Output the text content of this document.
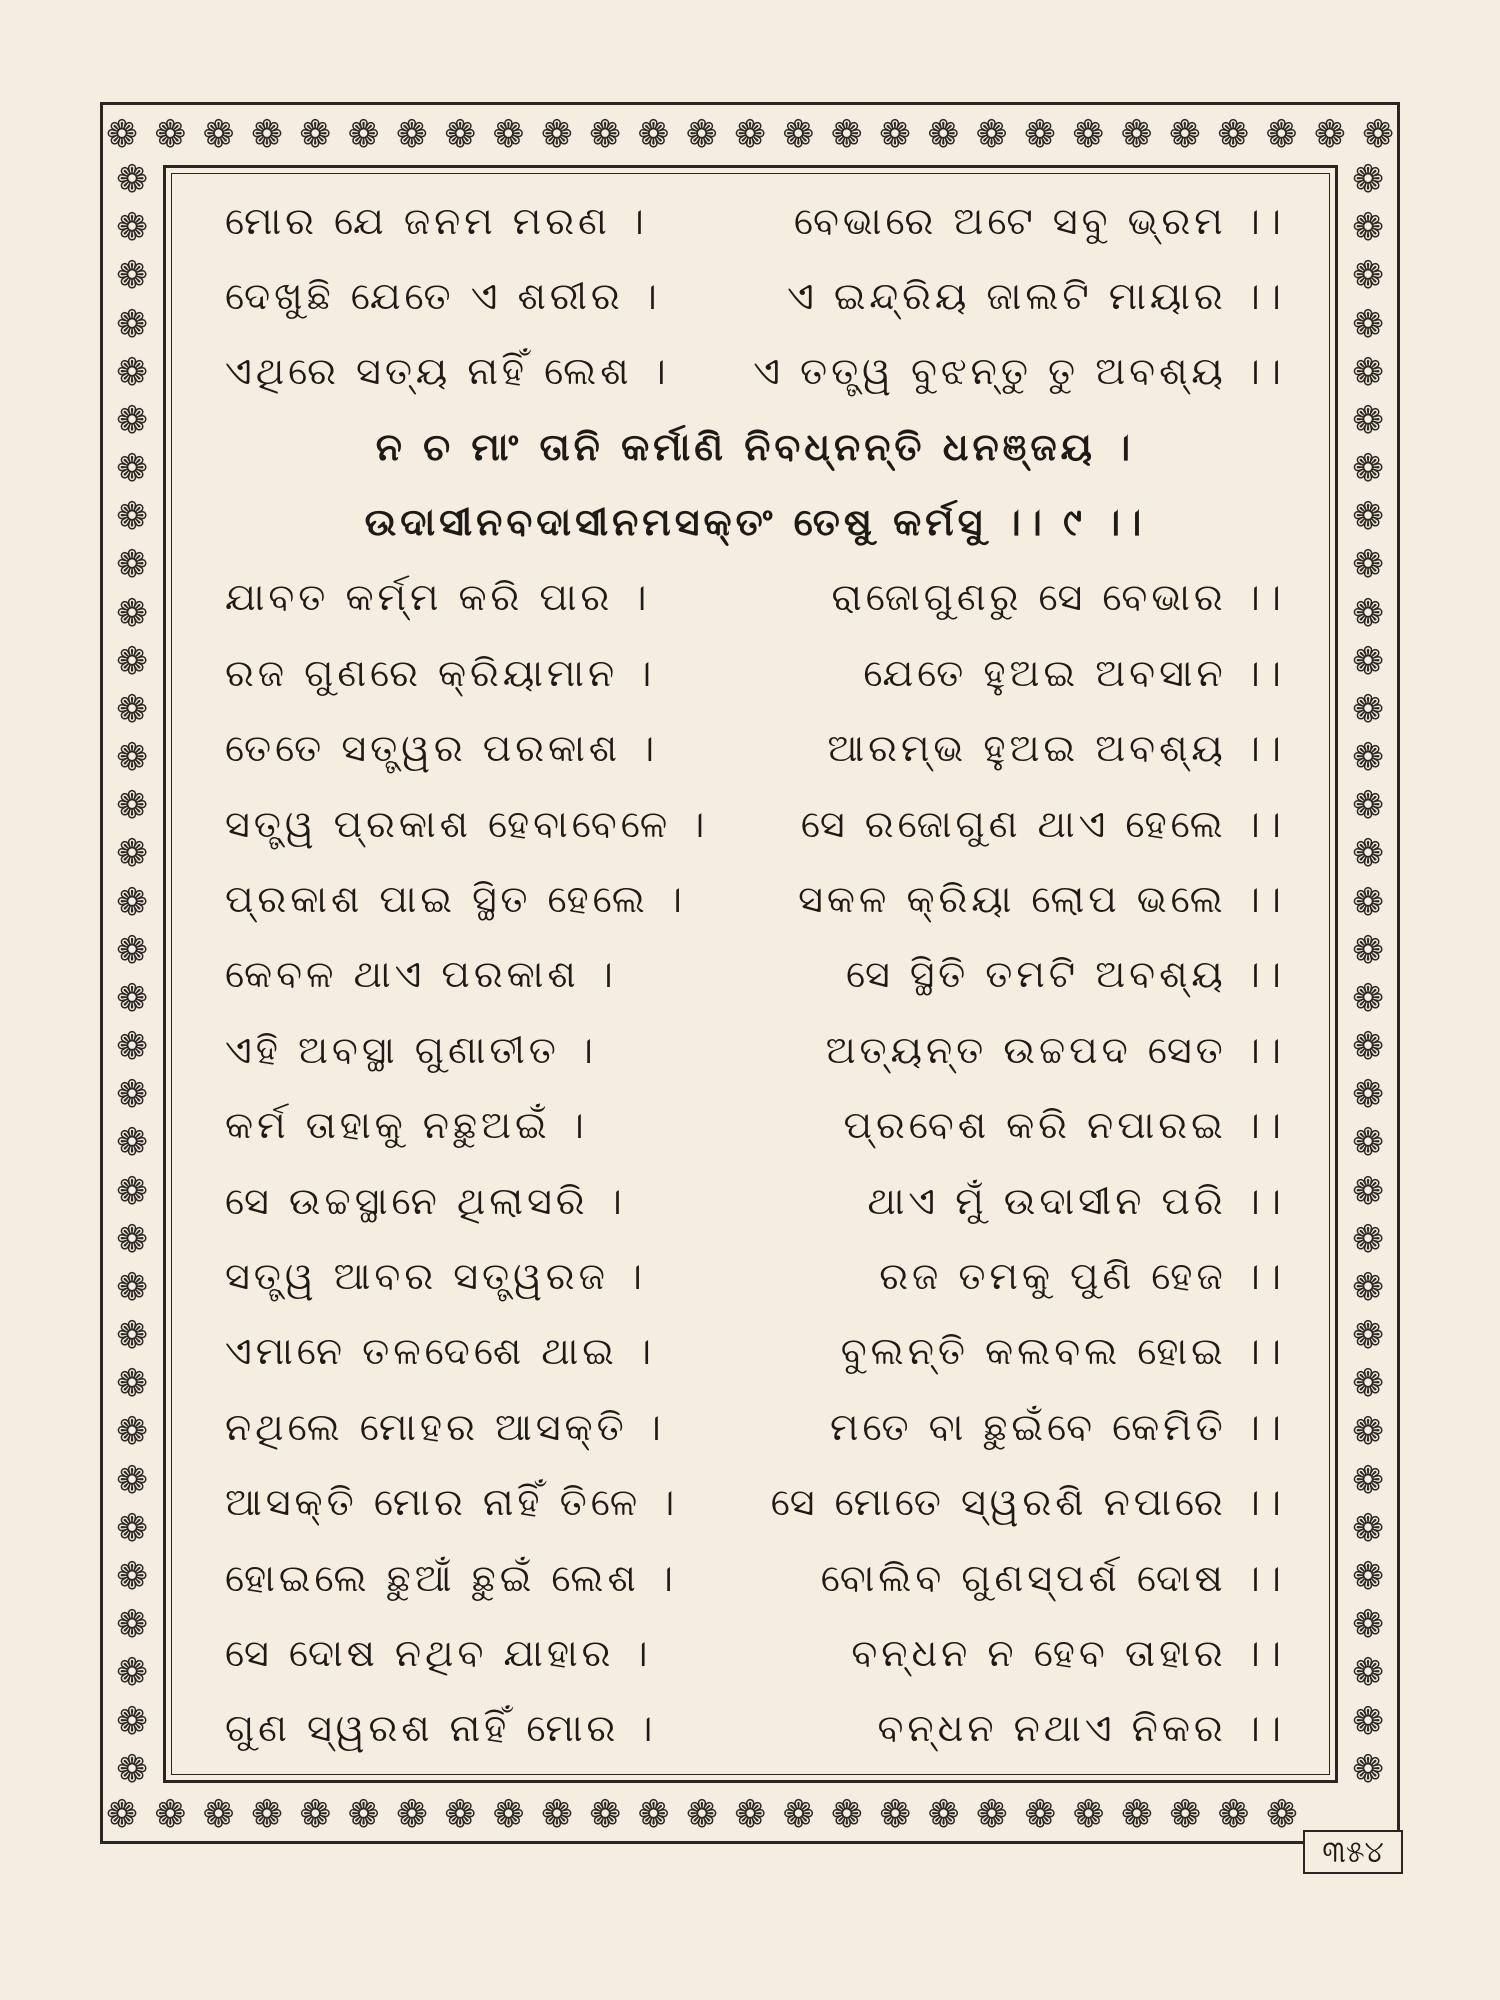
❁ ❁ ❁ ❁ ❁ ❁ ❁ ❁ ❁ ❁ ❁ ❁ ❁ ❁ ❁ ❁ ❁ ❁ ❁ ❁ ❁ ❁ ❁ ❁ ❁ ❁ ❁
❁ ❁ ❁ ❁ ❁ ❁ ❁ ❁ ❁ ❁ ❁ ❁ ❁ ❁ ❁ ❁ ❁ ❁ ❁ ❁ ❁ ❁ ❁ ❁ ❁
❁
❁
❁
❁
❁
❁
❁
❁
❁
❁
❁
❁
❁
❁
❁
❁
❁
❁
❁
❁
❁
❁
❁
❁
❁
❁
❁
❁
❁
❁
❁
❁
❁
❁
❁
❁
❁
❁
❁
❁
❁
❁
❁
❁
❁
❁
❁
❁
❁
❁
❁
❁
❁
❁
❁
❁
❁
❁
❁
❁
❁
❁
❁
❁
❁
❁
❁
❁
ମୋର ଯେ ଜନମ ମରଣ ।	ବେଭାରେ ଅଟେ ସବୁ ଭ୍ରମ ।।
ଦେଖୁଛି ଯେତେ ଏ ଶରୀର ।	ଏ ଇନ୍ଦ୍ରିୟ ଜାଲଟି ମାୟାର ।।
ଏଥିରେ ସତ୍ୟ ନାହିଁ ଲେଶ । ଏ ତତ୍ତ୍ୱ ବୁଝନ୍ତୁ ତୁ ଅବଶ୍ୟ ।।
ନ ଚ ମାଂ ତାନି କର୍ମାଣି ନିବଧ୍ନନ୍ତି ଧନଞ୍ଜୟ ।
ଉଦାସୀନବଦାସୀନମସକ୍ତଂ ତେଷୁ କର୍ମସୁ ।। ୯ ।।
ଯାବତ କର୍ମ୍ମ କରି ପାର ।	ରାଜୋଗୁଣରୁ ସେ ବେଭାର ।।
ରଜ ଗୁଣରେ କ୍ରିୟାମାନ ।	ଯେତେ ହୁଅଇ ଅବସାନ ।।
ତେତେ ସତ୍ତ୍ୱର ପରକାଶ ।	ଆରମ୍ଭ ହୁଅଇ ଅବଶ୍ୟ ।।
ସତ୍ତ୍ୱ ପ୍ରକାଶ ହେବାବେଳେ । ସେ ରଜୋଗୁଣ ଥାଏ ହେଲେ ।।
ପ୍ରକାଶ ପାଇ ସ୍ଥିତ ହେଲେ ।	ସକଳ କ୍ରିୟା ଲୋପ ଭଲେ ।।
କେବଳ ଥାଏ ପରକାଶ ।	ସେ ସ୍ଥିତି ତମଟି ଅବଶ୍ୟ ।।
ଏହି ଅବସ୍ଥା ଗୁଣାତୀତ ।	ଅତ୍ୟନ୍ତ ଉଚ୍ଚପଦ ସେତ ।।
କର୍ମ ତାହାକୁ ନଛୁଅଇଁ ।	ପ୍ରବେଶ କରି ନପାରଇ ।।
ସେ ଉଚ୍ଚସ୍ଥାନେ ଥିଲାସରି ।	ଥାଏ ମୁଁ ଉଦାସୀନ ପରି ।।
ସତ୍ତ୍ୱ ଆବର ସତ୍ତ୍ୱରଜ ।	ରଜ ତମକୁ ପୁଣି ହେଜ ।।
ଏମାନେ ତଳଦେଶେ ଥାଇ ।	ବୁଲନ୍ତି କଲବଲ ହୋଇ ।।
ନଥିଲେ ମୋହର ଆସକ୍ତି ।	ମତେ ବା ଛୁଇଁବେ କେମିତି ।।
ଆସକ୍ତି ମୋର ନାହିଁ ତିଳେ । ସେ ମୋତେ ସ୍ୱରଶି ନପାରେ ।।
ହୋଇଲେ ଛୁଆଁ ଛୁଇଁ ଲେଶ ।	ବୋଲିବ ଗୁଣସ୍ପର୍ଶ ଦୋଷ ।।
ସେ ଦୋଷ ନଥିବ ଯାହାର ।	ବନ୍ଧନ ନ ହେବ ତାହାର ।।
ଗୁଣ ସ୍ୱରଶ ନାହିଁ ମୋର ।	ବନ୍ଧନ ନଥାଏ ନିକର ।।
୩୫୪
